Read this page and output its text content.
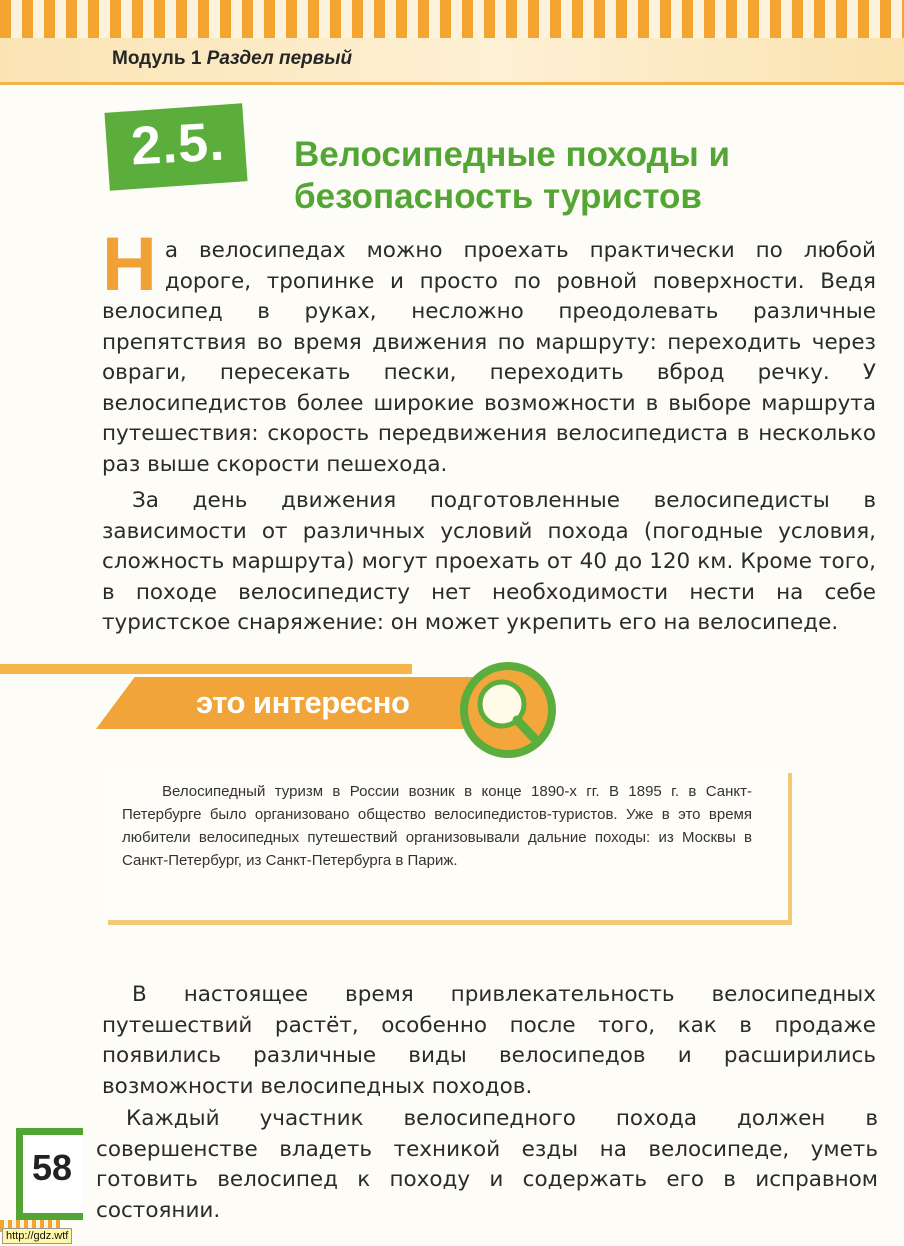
Модуль 1 Раздел первый
2.5.	Велосипедные походы и безопасность туристов

На велосипедах можно проехать практически по любой дороге, тропинке и просто по ровной поверхности. Ведя велосипед в руках, несложно преодолевать различные препятствия во время движения по маршруту: переходить через овраги, пересекать пески, переходить вброд речку. У велосипедистов более широкие возможности в выборе маршрута путешествия: скорость передвижения велосипедиста в несколько раз выше скорости пешехода.

За день движения подготовленные велосипедисты в зависимости от различных условий похода (погодные условия, сложность маршрута) могут проехать от 40 до 120 км. Кроме того, в походе велосипедисту нет необходимости нести на себе туристское снаряжение: он может укрепить его на велосипеде.

это интересно

Велосипедный туризм в России возник в конце 1890-х гг. В 1895 г. в Санкт-Петербурге было организовано общество велосипедистов-туристов. Уже в это время любители велосипедных путешествий организовывали дальние походы: из Москвы в Санкт-Петербург, из Санкт-Петербурга в Париж.

В настоящее время привлекательность велосипедных путешествий растёт, особенно после того, как в продаже появились различные виды велосипедов и расширились возможности велосипедных походов.

Каждый участник велосипедного похода должен в совершенстве владеть техникой езды на велосипеде, уметь готовить велосипед к походу и содержать его в исправном состоянии.

58
http://gdz.wtf
